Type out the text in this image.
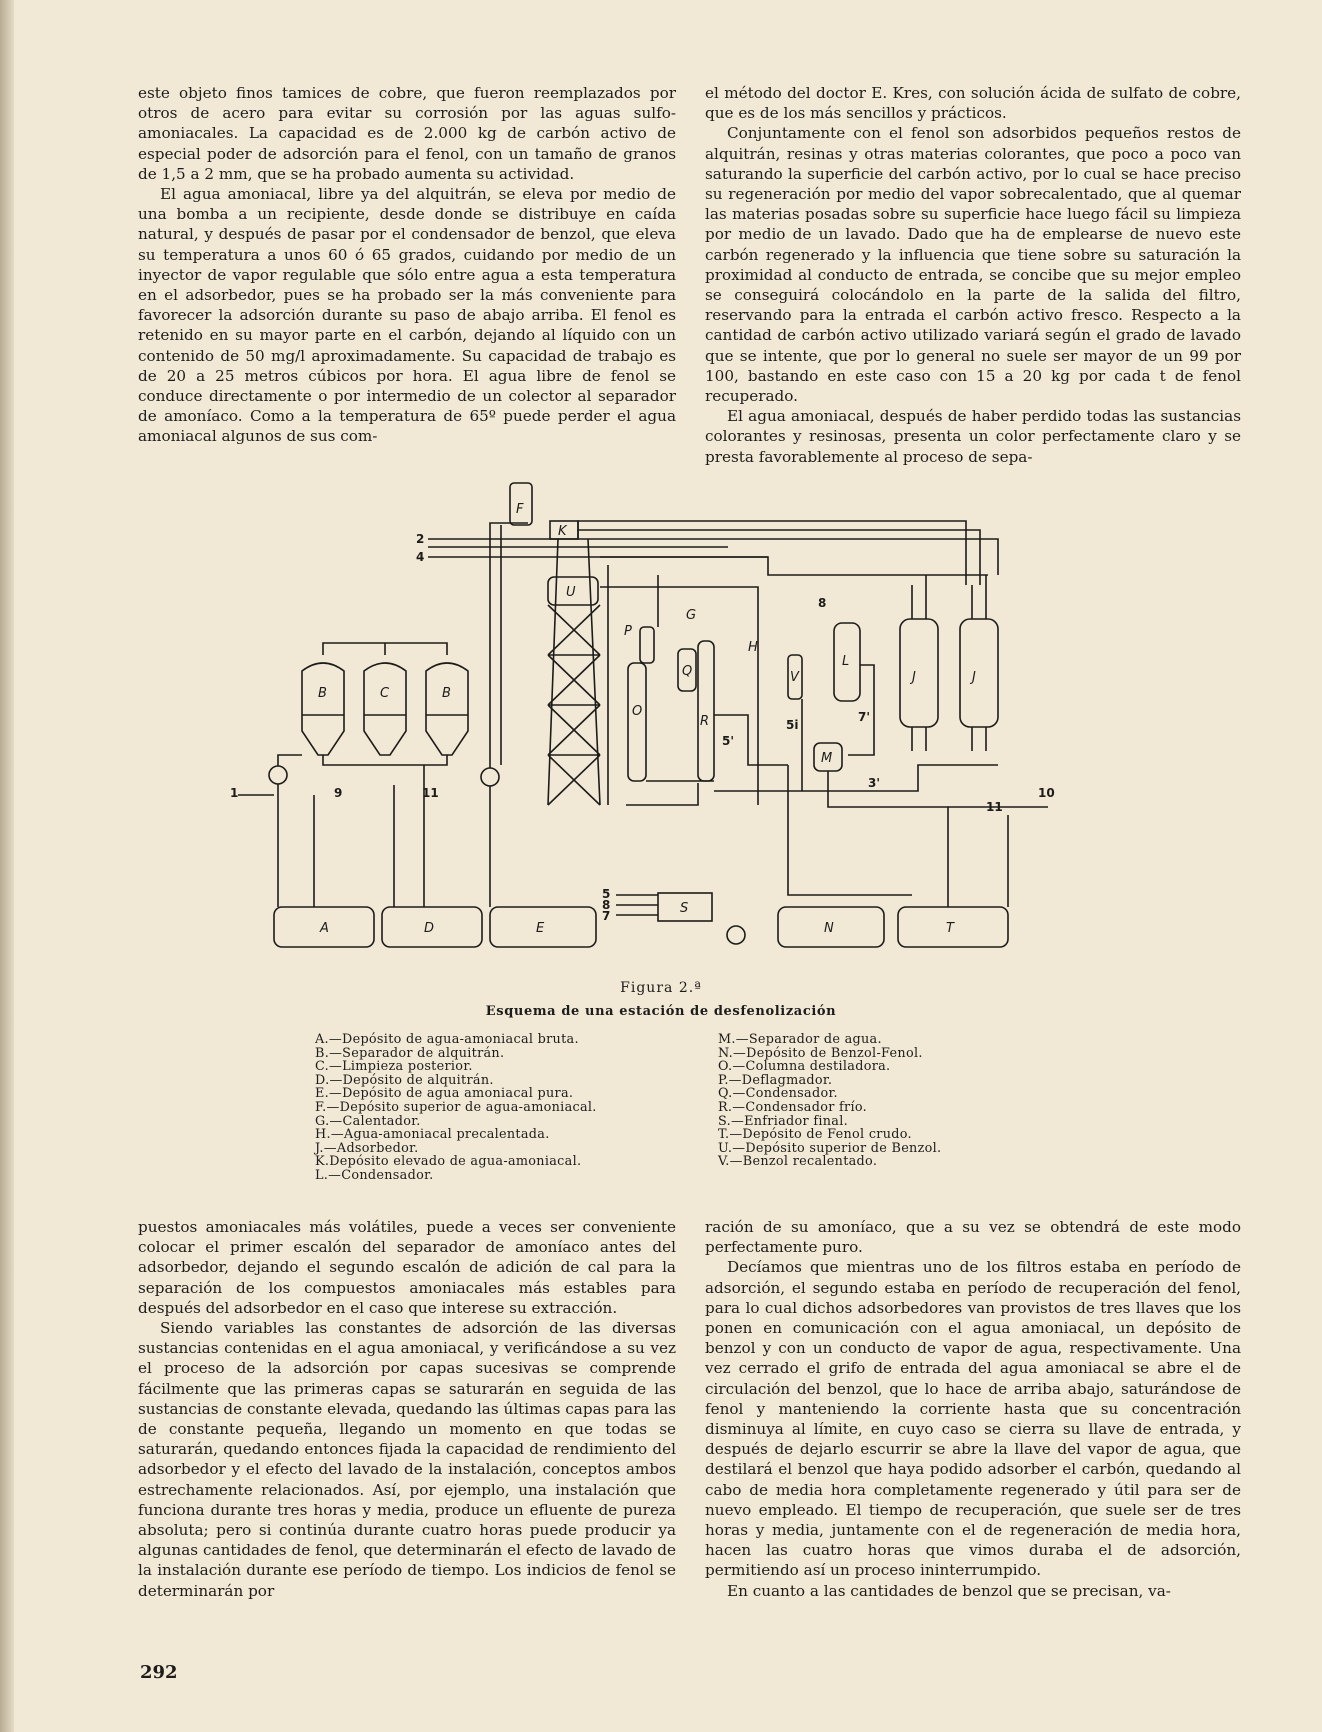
este objeto finos tamices de cobre, que fueron reemplazados por otros de acero para evitar su corrosión por las aguas sulfo-amoniacales. La capacidad es de 2.000 kg de carbón activo de especial poder de adsorción para el fenol, con un tamaño de granos de 1,5 a 2 mm, que se ha probado aumenta su actividad.

El agua amoniacal, libre ya del alquitrán, se eleva por medio de una bomba a un recipiente, desde donde se distribuye en caída natural, y después de pasar por el condensador de benzol, que eleva su temperatura a unos 60 ó 65 grados, cuidando por medio de un inyector de vapor regulable que sólo entre agua a esta temperatura en el adsorbedor, pues se ha probado ser la más conveniente para favorecer la adsorción durante su paso de abajo arriba. El fenol es retenido en su mayor parte en el carbón, dejando al líquido con un contenido de 50 mg/l aproximadamente. Su capacidad de trabajo es de 20 a 25 metros cúbicos por hora. El agua libre de fenol se conduce directamente o por intermedio de un colector al separador de amoníaco. Como a la temperatura de 65º puede perder el agua amoniacal algunos de sus com-

el método del doctor E. Kres, con solución ácida de sulfato de cobre, que es de los más sencillos y prácticos.

Conjuntamente con el fenol son adsorbidos pequeños restos de alquitrán, resinas y otras materias colorantes, que poco a poco van saturando la superficie del carbón activo, por lo cual se hace preciso su regeneración por medio del vapor sobrecalentado, que al quemar las materias posadas sobre su superficie hace luego fácil su limpieza por medio de un lavado. Dado que ha de emplearse de nuevo este carbón regenerado y la influencia que tiene sobre su saturación la proximidad al conducto de entrada, se concibe que su mejor empleo se conseguirá colocándolo en la parte de la salida del filtro, reservando para la entrada el carbón activo fresco. Respecto a la cantidad de carbón activo utilizado variará según el grado de lavado que se intente, que por lo general no suele ser mayor de un 99 por 100, bastando en este caso con 15 a 20 kg por cada t de fenol recuperado.

El agua amoniacal, después de haber perdido todas las sustancias colorantes y resinosas, presenta un color perfectamente claro y se presta favorablemente al proceso de sepa-

A	D	E
S
N	T
B	C	B
F
2
4
1	9
K
U
O
P
Q
R
G
H
V
L
M
J	J
5
8
7
10
11
11
8
5i
7'
3'
5'
Figura 2.ª
Esquema de una estación de desfenolización
A.—Depósito de agua-amoniacal bruta.
B.—Separador de alquitrán.
C.—Limpieza posterior.
D.—Depósito de alquitrán.
E.—Depósito de agua amoniacal pura.
F.—Depósito superior de agua-amoniacal.
G.—Calentador.
H.—Agua-amoniacal precalentada.
J.—Adsorbedor.
K.Depósito elevado de agua-amoniacal.
L.—Condensador.
M.—Separador de agua.
N.—Depósito de Benzol-Fenol.
O.—Columna destiladora.
P.—Deflagmador.
Q.—Condensador.
R.—Condensador frío.
S.—Enfriador final.
T.—Depósito de Fenol crudo.
U.—Depósito superior de Benzol.
V.—Benzol recalentado.

puestos amoniacales más volátiles, puede a veces ser conveniente colocar el primer escalón del separador de amoníaco antes del adsorbedor, dejando el segundo escalón de adición de cal para la separación de los compuestos amoniacales más estables para después del adsorbedor en el caso que interese su extracción.

Siendo variables las constantes de adsorción de las diversas sustancias contenidas en el agua amoniacal, y verificándose a su vez el proceso de la adsorción por capas sucesivas se comprende fácilmente que las primeras capas se saturarán en seguida de las sustancias de constante elevada, quedando las últimas capas para las de constante pequeña, llegando un momento en que todas se saturarán, quedando entonces fijada la capacidad de rendimiento del adsorbedor y el efecto del lavado de la instalación, conceptos ambos estrechamente relacionados. Así, por ejemplo, una instalación que funciona durante tres horas y media, produce un efluente de pureza absoluta; pero si continúa durante cuatro horas puede producir ya algunas cantidades de fenol, que determinarán el efecto de lavado de la instalación durante ese período de tiempo. Los indicios de fenol se determinarán por

ración de su amoníaco, que a su vez se obtendrá de este modo perfectamente puro.

Decíamos que mientras uno de los filtros estaba en período de adsorción, el segundo estaba en período de recuperación del fenol, para lo cual dichos adsorbedores van provistos de tres llaves que los ponen en comunicación con el agua amoniacal, un depósito de benzol y con un conducto de vapor de agua, respectivamente. Una vez cerrado el grifo de entrada del agua amoniacal se abre el de circulación del benzol, que lo hace de arriba abajo, saturándose de fenol y manteniendo la corriente hasta que su concentración disminuya al límite, en cuyo caso se cierra su llave de entrada, y después de dejarlo escurrir se abre la llave del vapor de agua, que destilará el benzol que haya podido adsorber el carbón, quedando al cabo de media hora completamente regenerado y útil para ser de nuevo empleado. El tiempo de recuperación, que suele ser de tres horas y media, juntamente con el de regeneración de media hora, hacen las cuatro horas que vimos duraba el de adsorción, permitiendo así un proceso ininterrumpido.

En cuanto a las cantidades de benzol que se precisan, va-

292
